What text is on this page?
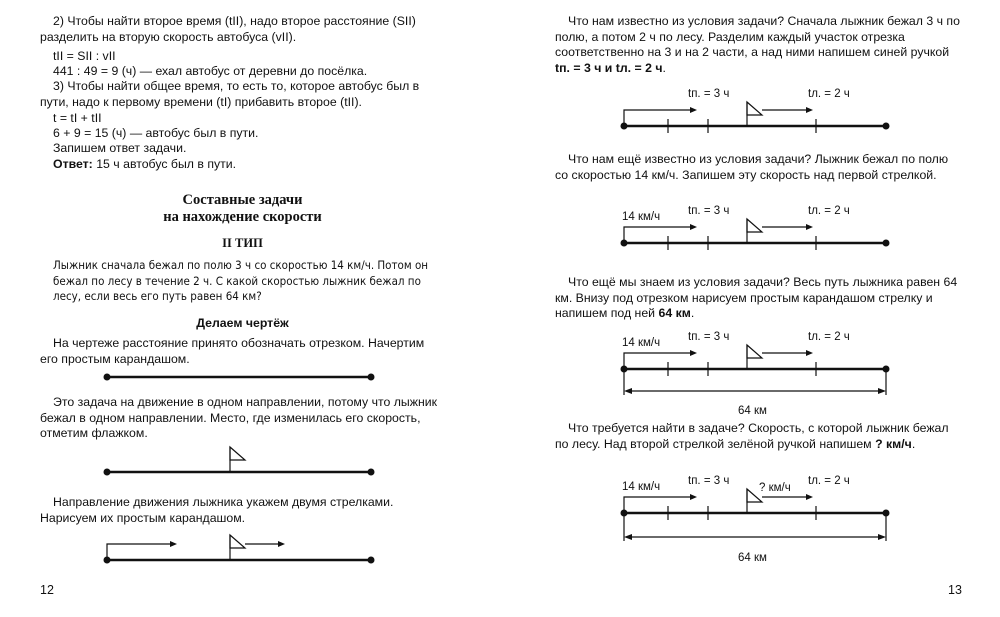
2) Чтобы найти второе время (tII), надо второе расстояние (SII) разделить на вторую скорость автобуса (vII).
tII = SII : vII
441 : 49 = 9 (ч) — ехал автобус от деревни до посёлка.
3) Чтобы найти общее время, то есть то, которое автобус был в пути, надо к первому времени (tI) прибавить второе (tII).
t = tI + tII
6 + 9 = 15 (ч) — автобус был в пути.
Запишем ответ задачи.
Ответ: 15 ч автобус был в пути.
Составные задачи
на нахождение скорости
II ТИП
Лыжник сначала бежал по полю 3 ч со скоростью 14 км/ч. Потом он бежал по лесу в течение 2 ч. С какой скоростью лыжник бежал по лесу, если весь его путь равен 64 км?
Делаем чертёж
На чертеже расстояние принято обозначать отрезком. Начертим его простым карандашом.
Это задача на движение в одном направлении, потому что лыжник бежал в одном направлении. Место, где изменилась его скорость, отметим флажком.
Направление движения лыжника укажем двумя стрелками. Нарисуем их простым карандашом.
12
Что нам известно из условия задачи? Сначала лыжник бежал 3 ч по полю, а потом 2 ч по лесу. Разделим каждый участок отрезка соответственно на 3 и на 2 части, а над ними напишем синей ручкой tп. = 3 ч и tл. = 2 ч.
tп. = 3 ч	tл. = 2 ч
Что нам ещё известно из условия задачи? Лыжник бежал по полю со скоростью 14 км/ч. Запишем эту скорость над первой стрелкой.
14 км/ч tп. = 3 ч	tл. = 2 ч
Что ещё мы знаем из условия задачи? Весь путь лыжника равен 64 км. Внизу под отрезком нарисуем простым карандашом стрелку и напишем под ней 64 км.
14 км/ч tп. = 3 ч	tл. = 2 ч
64 км
Что требуется найти в задаче? Скорость, с которой лыжник бежал по лесу. Над второй стрелкой зелёной ручкой напишем ? км/ч.
14 км/ч tп. = 3 ч	tл. = 2 ч
? км/ч
64 км
13
